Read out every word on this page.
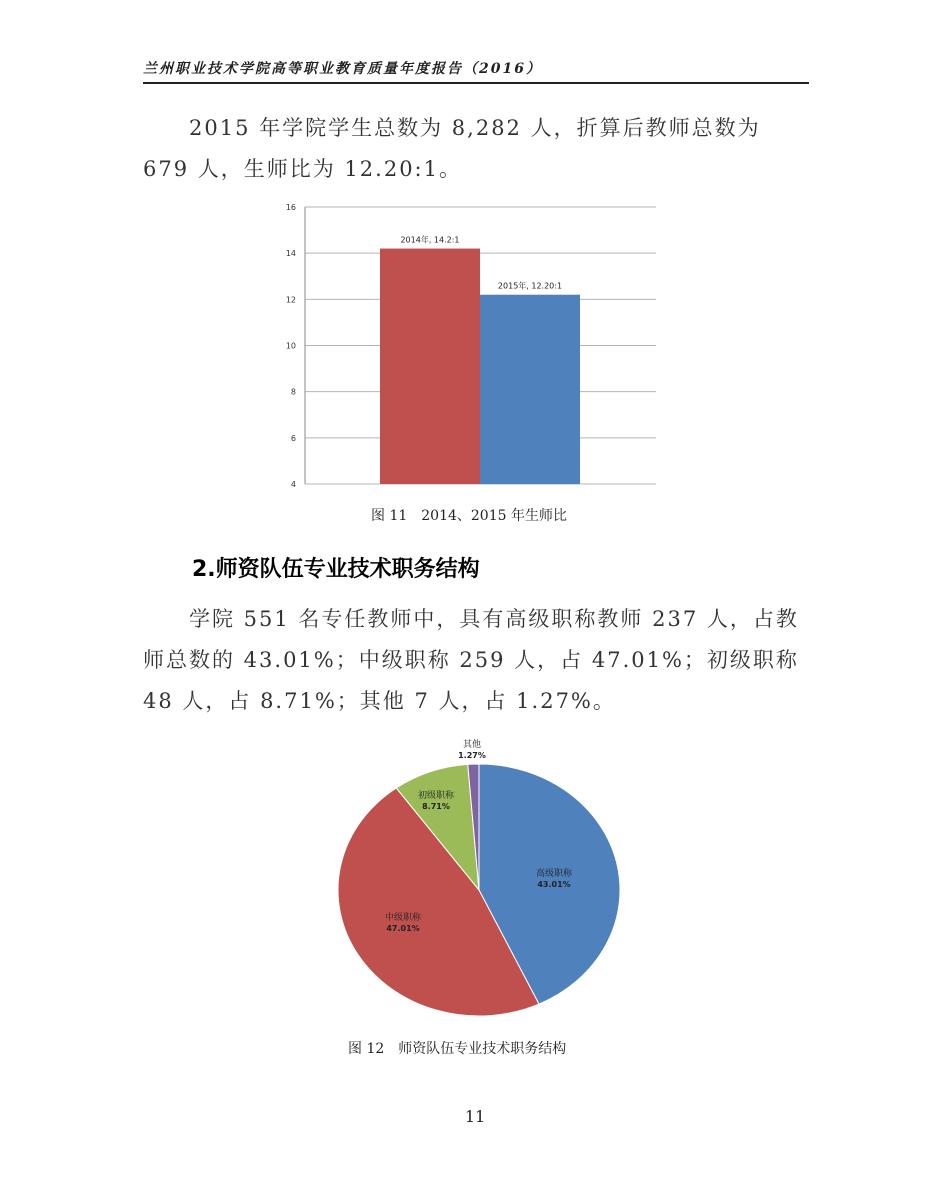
兰州职业技术学院高等职业教育质量年度报告（2016）
2015 年学院学生总数为 8,282 人，折算后教师总数为 679 人，生师比为 12.20:1。
4
6
8
10
12
14
16
2014年, 14.2:1
2015年, 12.20:1
图 11　2014、2015 年生师比
2.师资队伍专业技术职务结构
学院 551 名专任教师中，具有高级职称教师 237 人，占教师总数的 43.01%；中级职称 259 人，占 47.01%；初级职称 48 人，占 8.71%；其他 7 人，占 1.27%。
高级职称
43.01%
中级职称
47.01%
初级职称
8.71%
其他
1.27%
图 12　师资队伍专业技术职务结构
11
